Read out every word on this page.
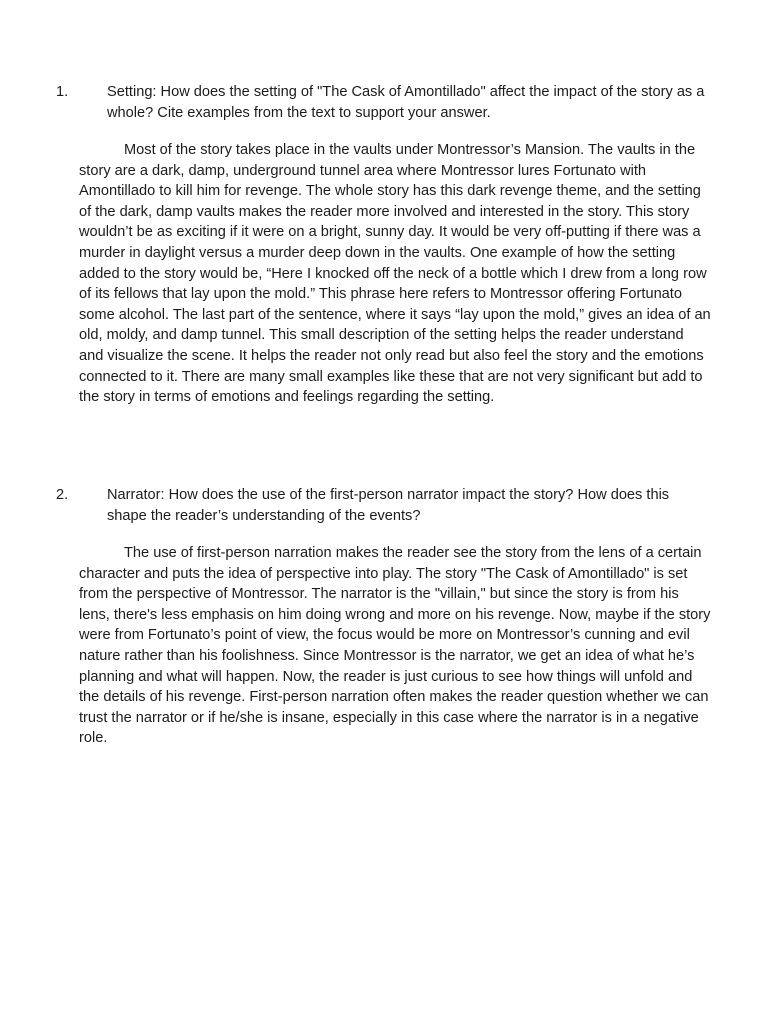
1.	Setting: How does the setting of "The Cask of Amontillado" affect the impact of the story as a whole? Cite examples from the text to support your answer.

Most of the story takes place in the vaults under Montressor’s Mansion. The vaults in the story are a dark, damp, underground tunnel area where Montressor lures Fortunato with Amontillado to kill him for revenge. The whole story has this dark revenge theme, and the setting of the dark, damp vaults makes the reader more involved and interested in the story. This story wouldn’t be as exciting if it were on a bright, sunny day. It would be very off-putting if there was a murder in daylight versus a murder deep down in the vaults. One example of how the setting added to the story would be, “Here I knocked off the neck of a bottle which I drew from a long row of its fellows that lay upon the mold.” This phrase here refers to Montressor offering Fortunato some alcohol. The last part of the sentence, where it says “lay upon the mold,” gives an idea of an old, moldy, and damp tunnel. This small description of the setting helps the reader understand and visualize the scene. It helps the reader not only read but also feel the story and the emotions connected to it. There are many small examples like these that are not very significant but add to the story in terms of emotions and feelings regarding the setting.

2.	Narrator: How does the use of the first-person narrator impact the story? How does this shape the reader’s understanding of the events?

The use of first-person narration makes the reader see the story from the lens of a certain character and puts the idea of perspective into play. The story "The Cask of Amontillado" is set from the perspective of Montressor. The narrator is the "villain," but since the story is from his lens, there's less emphasis on him doing wrong and more on his revenge. Now, maybe if the story were from Fortunato’s point of view, the focus would be more on Montressor’s cunning and evil nature rather than his foolishness. Since Montressor is the narrator, we get an idea of what he’s planning and what will happen. Now, the reader is just curious to see how things will unfold and the details of his revenge. First-person narration often makes the reader question whether we can trust the narrator or if he/she is insane, especially in this case where the narrator is in a negative role.
